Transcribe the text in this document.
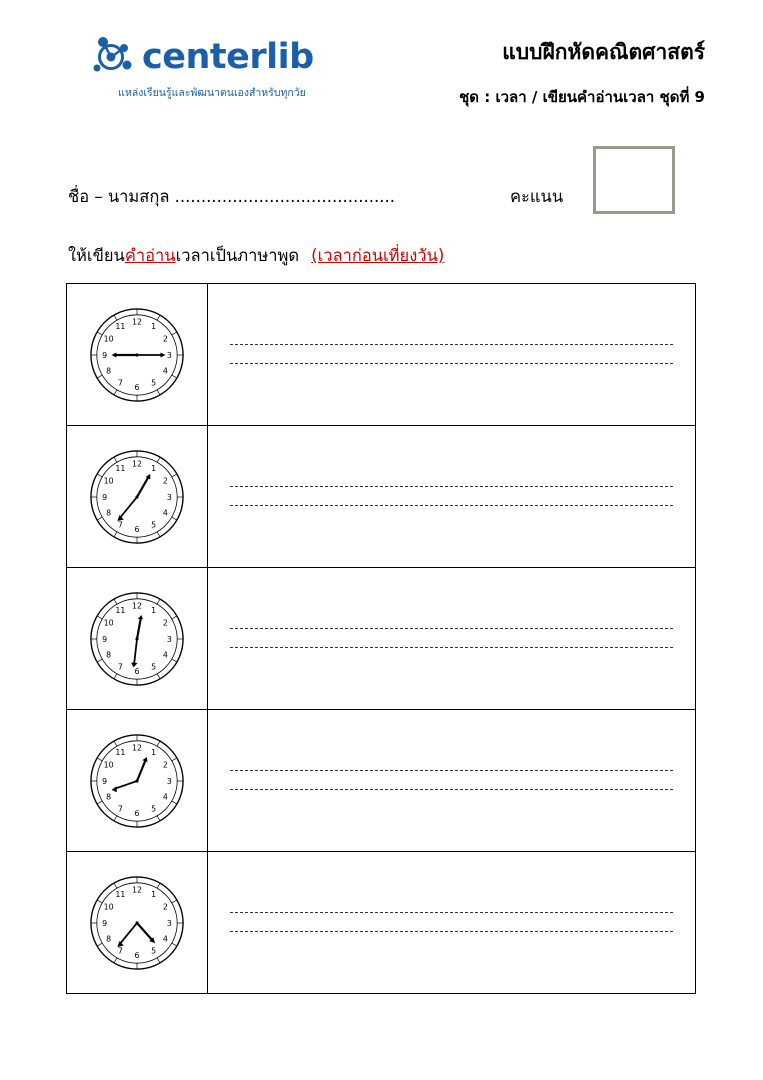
centerlib
แหล่งเรียนรู้และพัฒนาตนเองสำหรับทุกวัย
แบบฝึกหัดคณิตศาสตร์
ชุด : เวลา / เขียนคำอ่านเวลา ชุดที่ 9
ชื่อ – นามสกุล ..........................................	คะแนน
ให้เขียนคำอ่านเวลาเป็นภาษาพูด (เวลาก่อนเที่ยงวัน)
12 1
2
3
4
5
6
7
8
9
10
11
12 1
2
3
4
5
6
7
8
9
10
11
12 1
2
3
4
5
6
7
8
9
10
11
12 1
2
3
4
5
6
7
8
9
10
11
12 1
2
3
4
5
6
7
8
9
10
11
